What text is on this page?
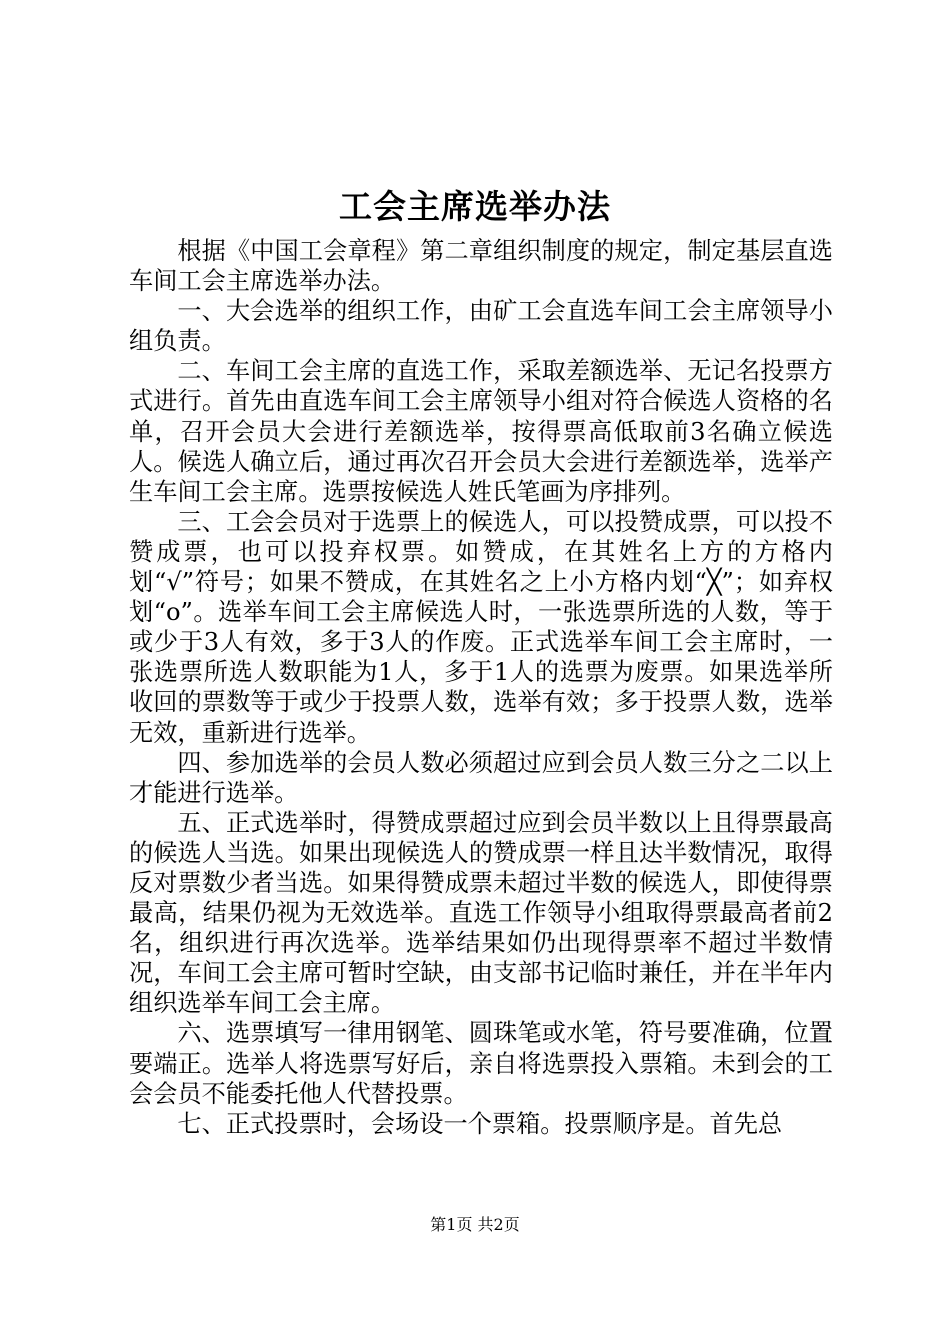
工会主席选举办法

根据《中国工会章程》第二章组织制度的规定，制定基层直选车间工会主席选举办法。

一、大会选举的组织工作，由矿工会直选车间工会主席领导小组负责。

二、车间工会主席的直选工作，采取差额选举、无记名投票方式进行。首先由直选车间工会主席领导小组对符合候选人资格的名单，召开会员大会进行差额选举，按得票高低取前3名确立候选人。候选人确立后，通过再次召开会员大会进行差额选举，选举产生车间工会主席。选票按候选人姓氏笔画为序排列。

三、工会会员对于选票上的候选人，可以投赞成票，可以投不赞成票，也可以投弃权票。如赞成，在其姓名上方的方格内划“√”符号；如果不赞成，在其姓名之上小方格内划“╳”；如弃权划“o”。选举车间工会主席候选人时，一张选票所选的人数，等于或少于3人有效，多于3人的作废。正式选举车间工会主席时，一张选票所选人数职能为1人，多于1人的选票为废票。如果选举所收回的票数等于或少于投票人数，选举有效；多于投票人数，选举无效，重新进行选举。

四、参加选举的会员人数必须超过应到会员人数三分之二以上才能进行选举。

五、正式选举时，得赞成票超过应到会员半数以上且得票最高的候选人当选。如果出现候选人的赞成票一样且达半数情况，取得反对票数少者当选。如果得赞成票未超过半数的候选人，即使得票最高，结果仍视为无效选举。直选工作领导小组取得票最高者前2名，组织进行再次选举。选举结果如仍出现得票率不超过半数情况，车间工会主席可暂时空缺，由支部书记临时兼任，并在半年内组织选举车间工会主席。

六、选票填写一律用钢笔、圆珠笔或水笔，符号要准确，位置要端正。选举人将选票写好后，亲自将选票投入票箱。未到会的工会会员不能委托他人代替投票。

七、正式投票时，会场设一个票箱。投票顺序是。首先总

第1页 共2页
